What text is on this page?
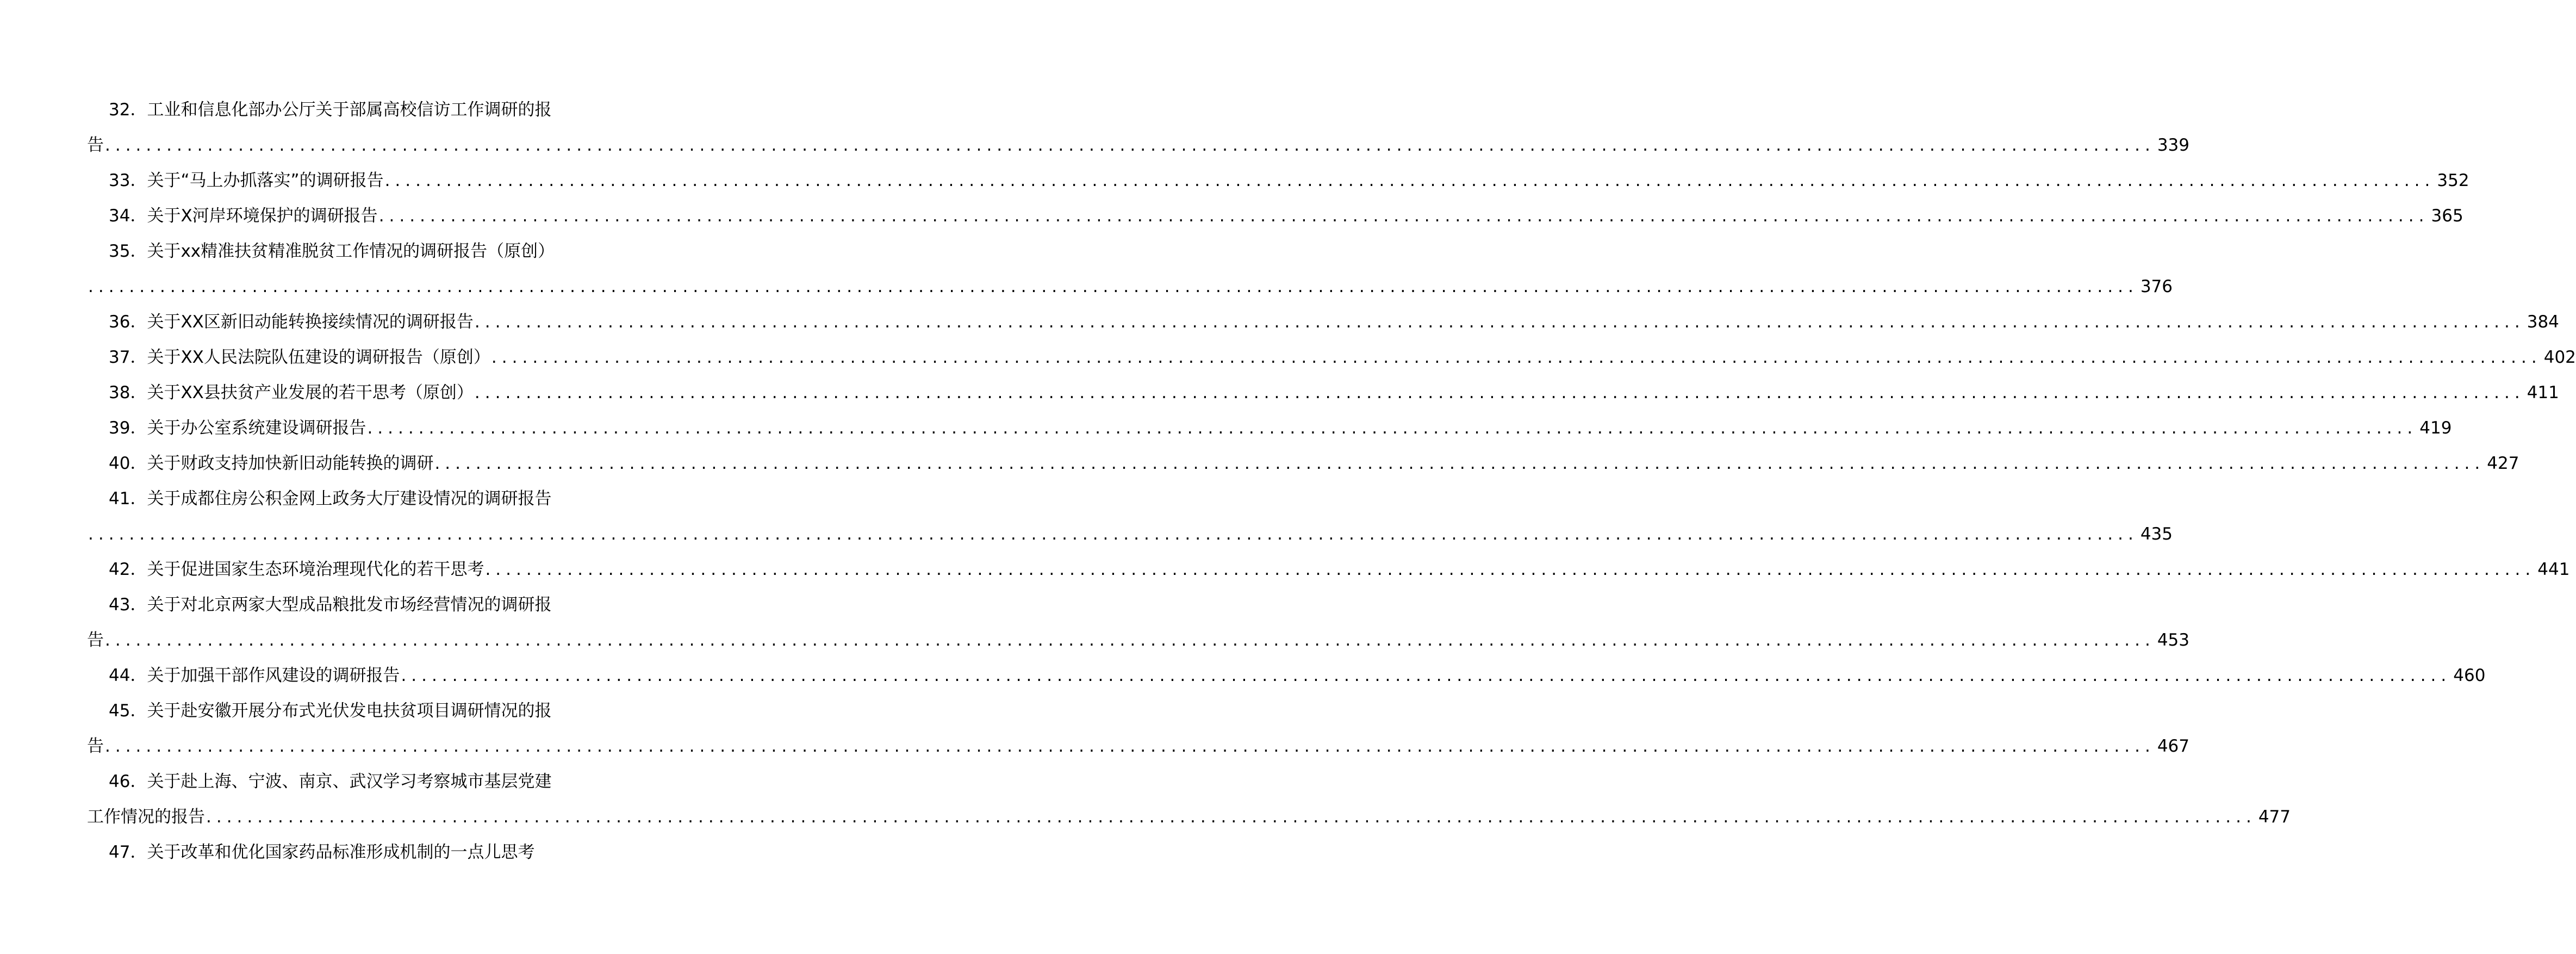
32．工业和信息化部办公厅关于部属高校信访工作调研的报
告 ........................................................................................................................................................................................................ 339
33．关于“马上办抓落实”的调研报告 ........................................................................................................................................................................................................ 352
34．关于X河岸环境保护的调研报告 ........................................................................................................................................................................................................ 365
35．关于xx精准扶贫精准脱贫工作情况的调研报告（原创）
........................................................................................................................................................................................................ 376
36．关于XX区新旧动能转换接续情况的调研报告 ........................................................................................................................................................................................................ 384
37．关于XX人民法院队伍建设的调研报告（原创） ........................................................................................................................................................................................................ 402
38．关于XX县扶贫产业发展的若干思考（原创） ........................................................................................................................................................................................................ 411
39．关于办公室系统建设调研报告 ........................................................................................................................................................................................................ 419
40．关于财政支持加快新旧动能转换的调研 ........................................................................................................................................................................................................ 427
41．关于成都住房公积金网上政务大厅建设情况的调研报告
........................................................................................................................................................................................................ 435
42．关于促进国家生态环境治理现代化的若干思考 ........................................................................................................................................................................................................ 441
43．关于对北京两家大型成品粮批发市场经营情况的调研报
告 ........................................................................................................................................................................................................ 453
44．关于加强干部作风建设的调研报告 ........................................................................................................................................................................................................ 460
45．关于赴安徽开展分布式光伏发电扶贫项目调研情况的报
告 ........................................................................................................................................................................................................ 467
46．关于赴上海、宁波、南京、武汉学习考察城市基层党建
工作情况的报告 ........................................................................................................................................................................................................ 477
47．关于改革和优化国家药品标准形成机制的一点儿思考
